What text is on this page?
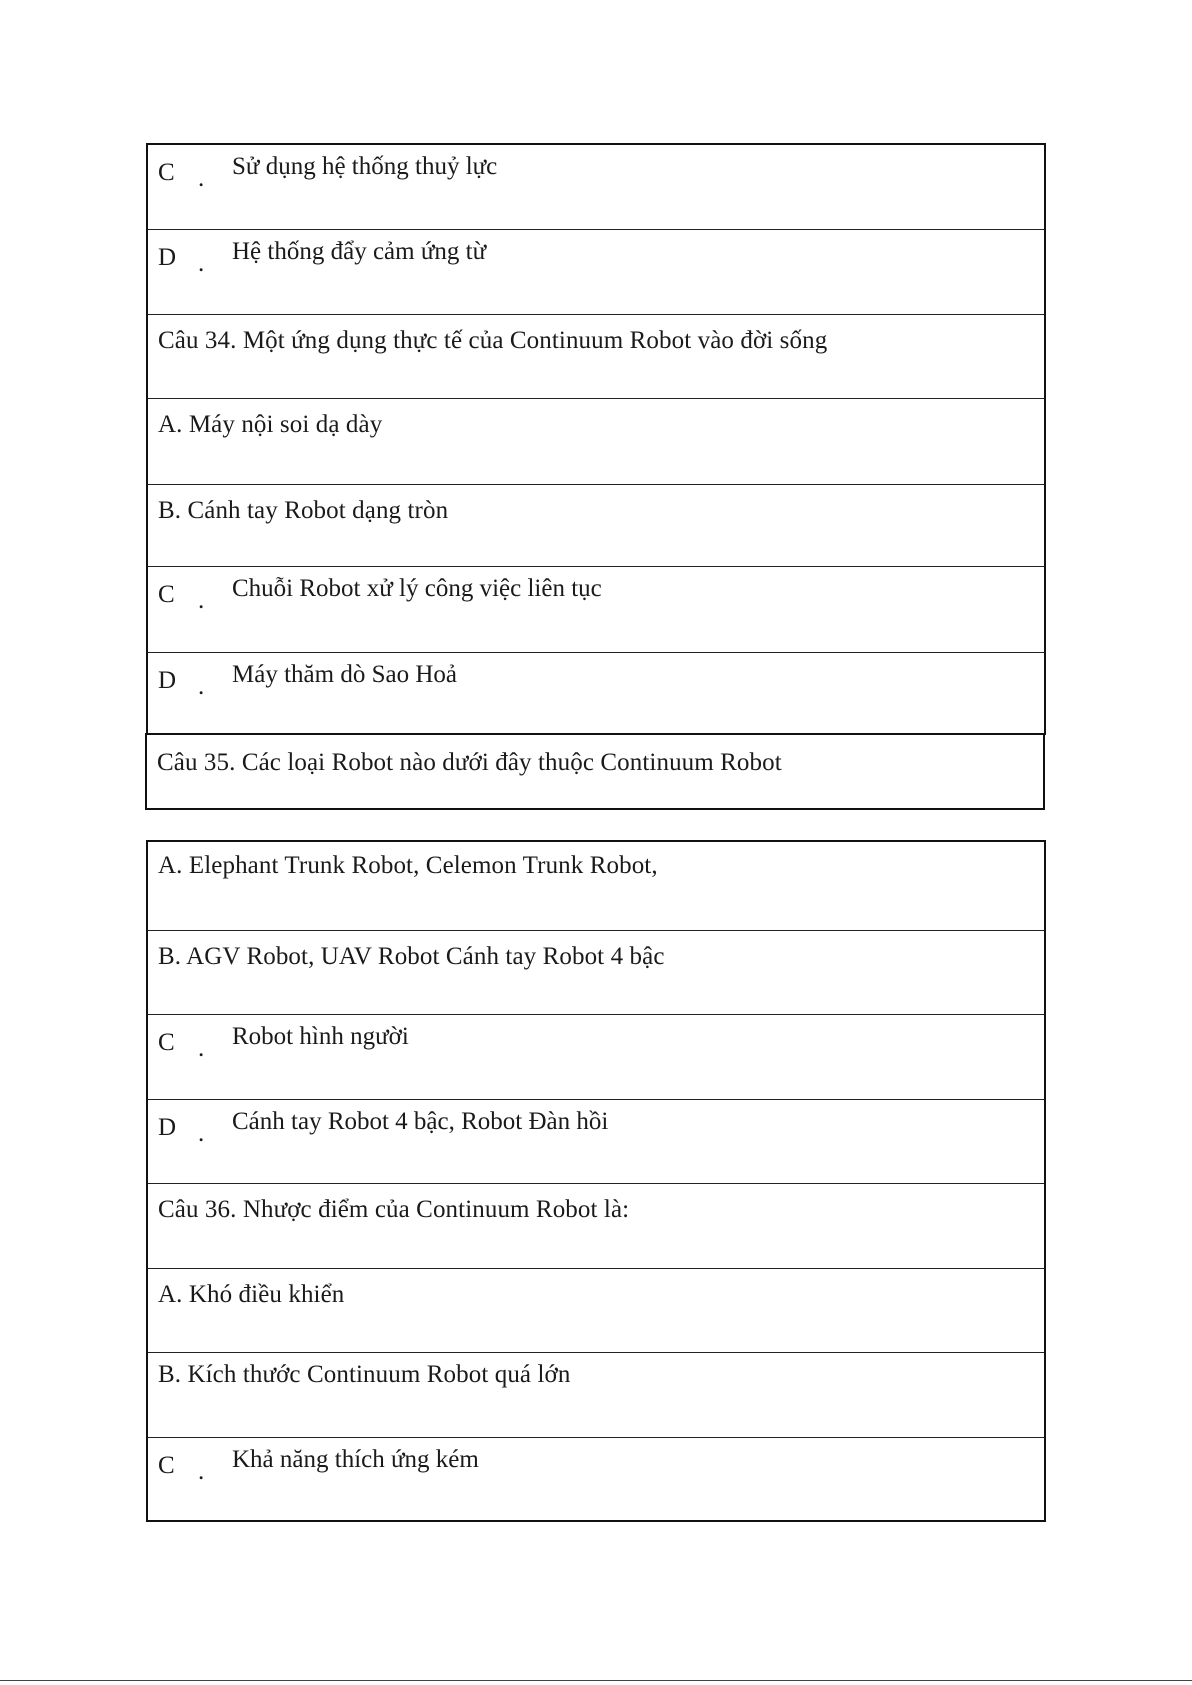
C . Sử dụng hệ thống thuỷ lực
D . Hệ thống đẩy cảm ứng từ
Câu 34. Một ứng dụng thực tế của Continuum Robot vào đời sống
A. Máy nội soi dạ dày
B. Cánh tay Robot dạng tròn
C . Chuỗi Robot xử lý công việc liên tục
D . Máy thăm dò Sao Hoả
Câu 35. Các loại Robot nào dưới đây thuộc Continuum Robot
A. Elephant Trunk Robot, Celemon Trunk Robot,
B. AGV Robot, UAV Robot Cánh tay Robot 4 bậc
C . Robot hình người
D . Cánh tay Robot 4 bậc, Robot Đàn hồi
Câu 36. Nhược điểm của Continuum Robot là:
A. Khó điều khiển
B. Kích thước Continuum Robot quá lớn
C . Khả năng thích ứng kém
